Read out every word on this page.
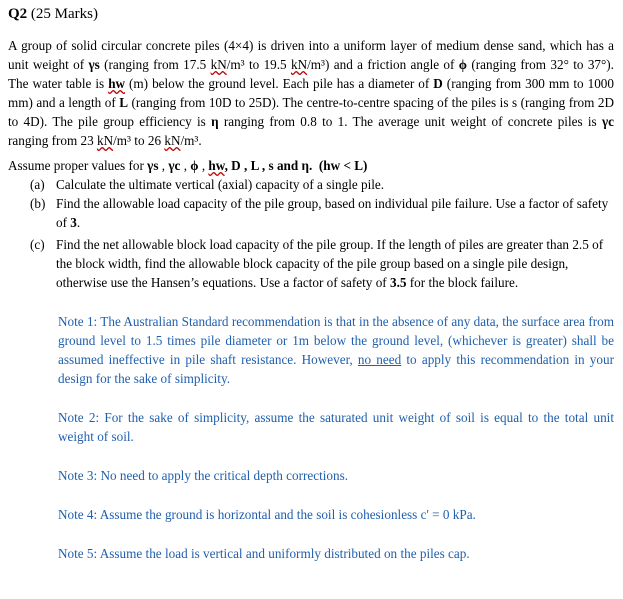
Q2 (25 Marks)

A group of solid circular concrete piles (4×4) is driven into a uniform layer of medium dense sand, which has a unit weight of γs (ranging from 17.5 kN/m³ to 19.5 kN/m³) and a friction angle of ϕ (ranging from 32° to 37°). The water table is hw (m) below the ground level. Each pile has a diameter of D (ranging from 300 mm to 1000 mm) and a length of L (ranging from 10D to 25D). The centre-to-centre spacing of the piles is s (ranging from 2D to 4D). The pile group efficiency is η ranging from 0.8 to 1. The average unit weight of concrete piles is γc ranging from 23 kN/m³ to 26 kN/m³.

Assume proper values for γs , γc , ϕ , hw, D , L , s and η. (hw < L)

(a) Calculate the ultimate vertical (axial) capacity of a single pile.
(b) Find the allowable load capacity of the pile group, based on individual pile failure. Use a factor of safety of 3.
(c) Find the net allowable block load capacity of the pile group. If the length of piles are greater than 2.5 of the block width, find the allowable block capacity of the pile group based on a single pile design, otherwise use the Hansen’s equations. Use a factor of safety of 3.5 for the block failure.

Note 1: The Australian Standard recommendation is that in the absence of any data, the surface area from ground level to 1.5 times pile diameter or 1m below the ground level, (whichever is greater) shall be assumed ineffective in pile shaft resistance. However, no need to apply this recommendation in your design for the sake of simplicity.

Note 2: For the sake of simplicity, assume the saturated unit weight of soil is equal to the total unit weight of soil.

Note 3: No need to apply the critical depth corrections.

Note 4: Assume the ground is horizontal and the soil is cohesionless c' = 0 kPa.

Note 5: Assume the load is vertical and uniformly distributed on the piles cap.
